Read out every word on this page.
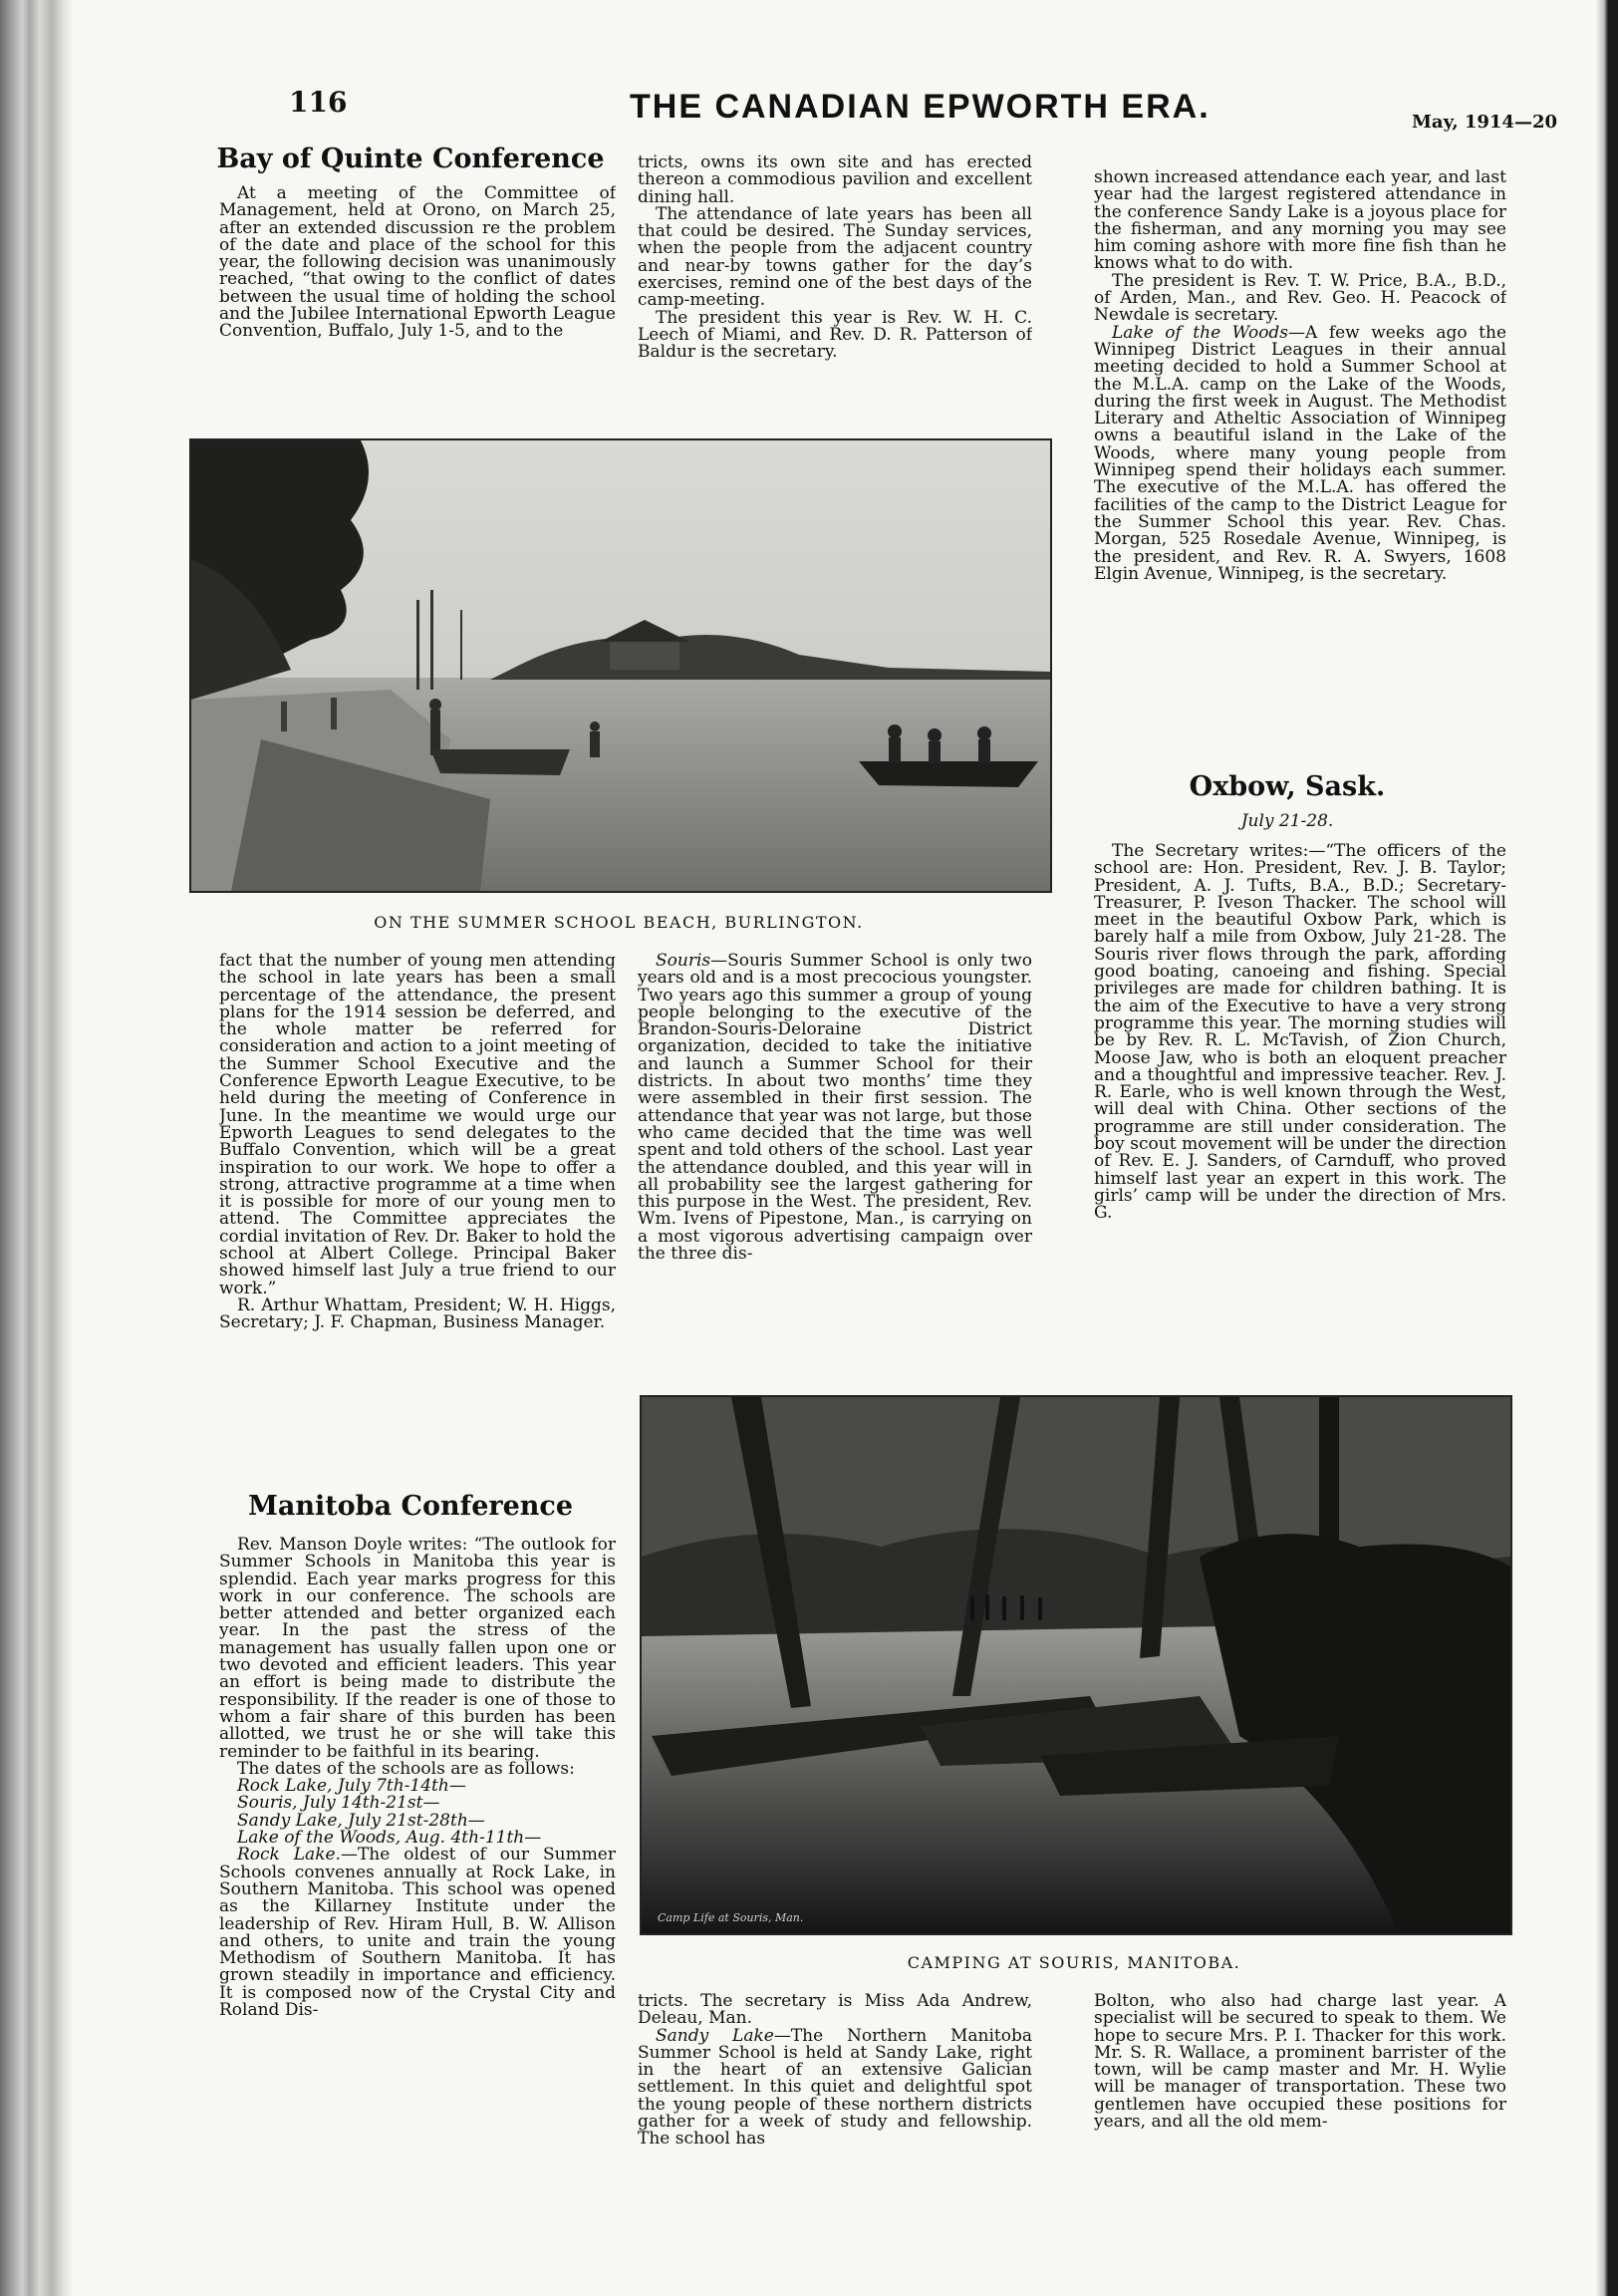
116	THE CANADIAN EPWORTH ERA.	May, 1914—20
Bay of Quinte Conference

At a meeting of the Committee of Management, held at Orono, on March 25, after an extended discussion re the problem of the date and place of the school for this year, the following decision was unanimously reached, “that owing to the conflict of dates between the usual time of holding the school and the Jubilee International Epworth League Convention, Buffalo, July 1-5, and to the

tricts, owns its own site and has erected thereon a commodious pavilion and excellent dining hall.

The attendance of late years has been all that could be desired. The Sunday services, when the people from the adjacent country and near-by towns gather for the day’s exercises, remind one of the best days of the camp-meeting.

The president this year is Rev. W. H. C. Leech of Miami, and Rev. D. R. Patterson of Baldur is the secretary.

shown increased attendance each year, and last year had the largest registered attendance in the conference Sandy Lake is a joyous place for the fisherman, and any morning you may see him coming ashore with more fine fish than he knows what to do with.

The president is Rev. T. W. Price, B.A., B.D., of Arden, Man., and Rev. Geo. H. Peacock of Newdale is secretary.

Lake of the Woods—A few weeks ago the Winnipeg District Leagues in their annual meeting decided to hold a Summer School at the M.L.A. camp on the Lake of the Woods, during the first week in August. The Methodist Literary and Atheltic Association of Winnipeg owns a beautiful island in the Lake of the Woods, where many young people from Winnipeg spend their holidays each summer. The executive of the M.L.A. has offered the facilities of the camp to the District League for the Summer School this year. Rev. Chas. Morgan, 525 Rosedale Avenue, Winnipeg, is the president, and Rev. R. A. Swyers, 1608 Elgin Avenue, Winnipeg, is the secretary.

ON THE SUMMER SCHOOL BEACH, BURLINGTON.

fact that the number of young men attending the school in late years has been a small percentage of the attendance, the present plans for the 1914 session be deferred, and the whole matter be referred for consideration and action to a joint meeting of the Summer School Executive and the Conference Epworth League Executive, to be held during the meeting of Conference in June. In the meantime we would urge our Epworth Leagues to send delegates to the Buffalo Convention, which will be a great inspiration to our work. We hope to offer a strong, attractive programme at a time when it is possible for more of our young men to attend. The Committee appreciates the cordial invitation of Rev. Dr. Baker to hold the school at Albert College. Principal Baker showed himself last July a true friend to our work.”

R. Arthur Whattam, President; W. H. Higgs, Secretary; J. F. Chapman, Business Manager.

Souris—Souris Summer School is only two years old and is a most precocious youngster. Two years ago this summer a group of young people belonging to the executive of the Brandon-Souris-Deloraine District organization, decided to take the initiative and launch a Summer School for their districts. In about two months’ time they were assembled in their first session. The attendance that year was not large, but those who came decided that the time was well spent and told others of the school. Last year the attendance doubled, and this year will in all probability see the largest gathering for this purpose in the West. The president, Rev. Wm. Ivens of Pipestone, Man., is carrying on a most vigorous advertising campaign over the three dis-

Oxbow, Sask.
July 21-28.

The Secretary writes:—“The officers of the school are: Hon. President, Rev. J. B. Taylor; President, A. J. Tufts, B.A., B.D.; Secretary-Treasurer, P. Iveson Thacker. The school will meet in the beautiful Oxbow Park, which is barely half a mile from Oxbow, July 21-28. The Souris river flows through the park, affording good boating, canoeing and fishing. Special privileges are made for children bathing. It is the aim of the Executive to have a very strong programme this year. The morning studies will be by Rev. R. L. McTavish, of Zion Church, Moose Jaw, who is both an eloquent preacher and a thoughtful and impressive teacher. Rev. J. R. Earle, who is well known through the West, will deal with China. Other sections of the programme are still under consideration. The boy scout movement will be under the direction of Rev. E. J. Sanders, of Carnduff, who proved himself last year an expert in this work. The girls’ camp will be under the direction of Mrs. G.

Manitoba Conference

Rev. Manson Doyle writes: “The outlook for Summer Schools in Manitoba this year is splendid. Each year marks progress for this work in our conference. The schools are better attended and better organized each year. In the past the stress of the management has usually fallen upon one or two devoted and efficient leaders. This year an effort is being made to distribute the responsibility. If the reader is one of those to whom a fair share of this burden has been allotted, we trust he or she will take this reminder to be faithful in its bearing.

The dates of the schools are as follows:

Rock Lake, July 7th-14th—
Souris, July 14th-21st—
Sandy Lake, July 21st-28th—
Lake of the Woods, Aug. 4th-11th—

Rock Lake.—The oldest of our Summer Schools convenes annually at Rock Lake, in Southern Manitoba. This school was opened as the Killarney Institute under the leadership of Rev. Hiram Hull, B. W. Allison and others, to unite and train the young Methodism of Southern Manitoba. It has grown steadily in importance and efficiency. It is composed now of the Crystal City and Roland Dis-

Camp Life at Souris, Man.
CAMPING AT SOURIS, MANITOBA.

tricts. The secretary is Miss Ada Andrew, Deleau, Man.

Sandy Lake—The Northern Manitoba Summer School is held at Sandy Lake, right in the heart of an extensive Galician settlement. In this quiet and delightful spot the young people of these northern districts gather for a week of study and fellowship. The school has

Bolton, who also had charge last year. A specialist will be secured to speak to them. We hope to secure Mrs. P. I. Thacker for this work. Mr. S. R. Wallace, a prominent barrister of the town, will be camp master and Mr. H. Wylie will be manager of transportation. These two gentlemen have occupied these positions for years, and all the old mem-
